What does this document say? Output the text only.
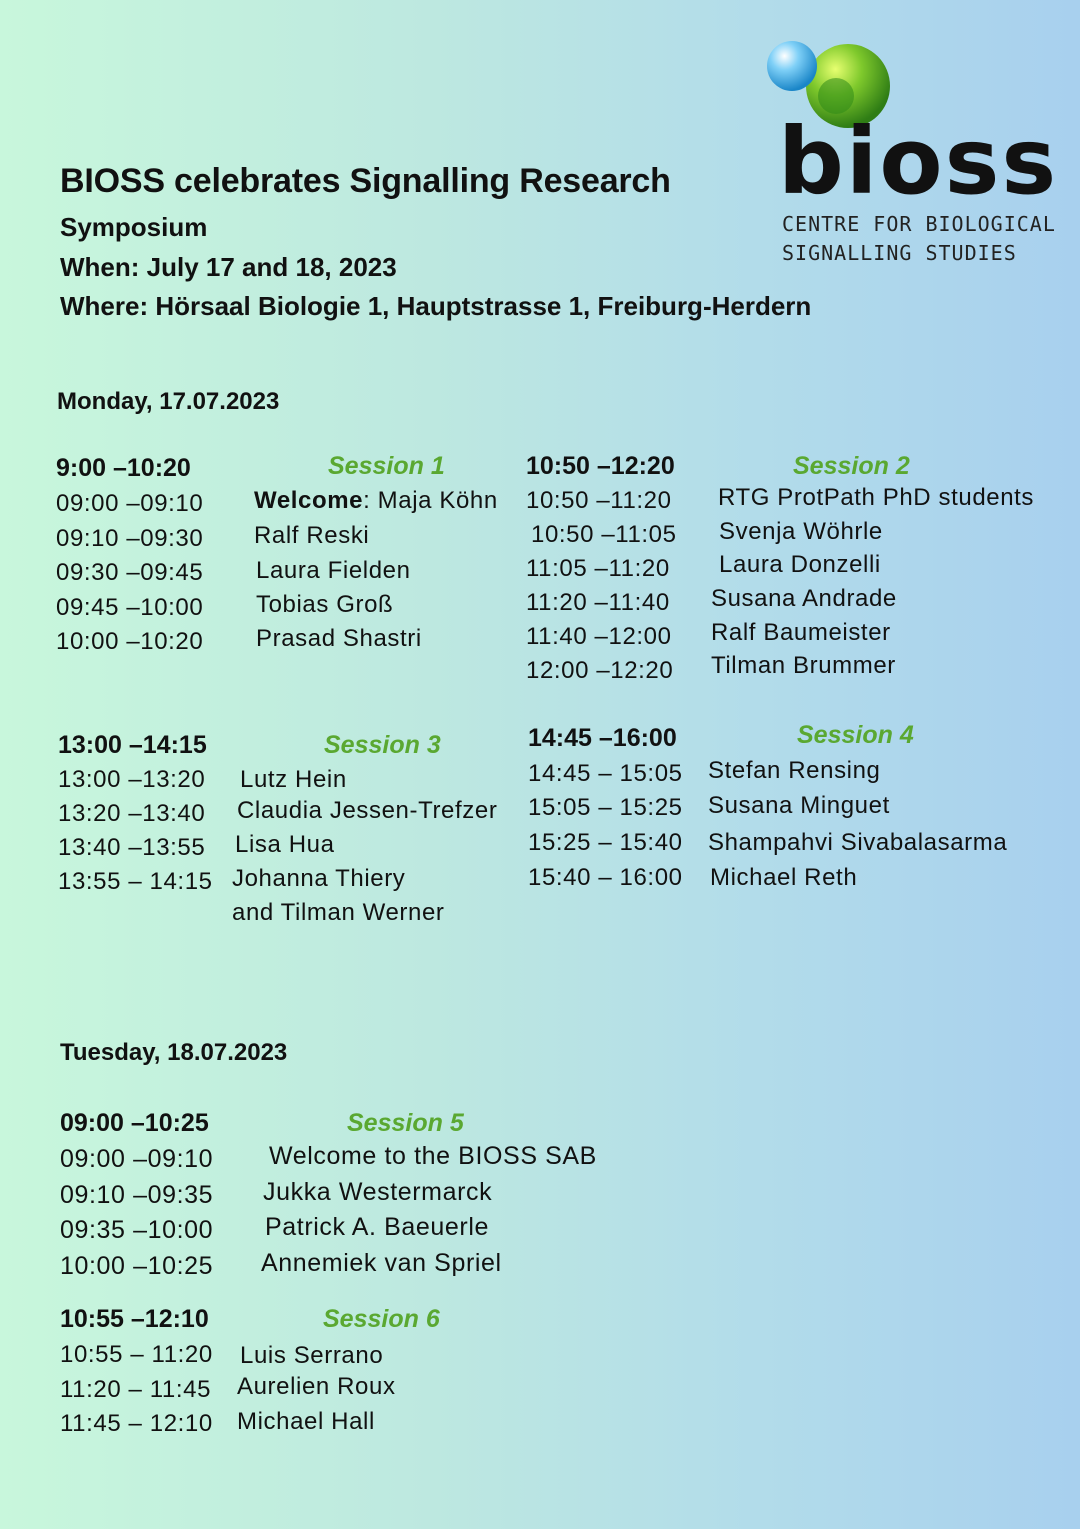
bioss
CENTRE FOR BIOLOGICAL
SIGNALLING STUDIES
BIOSS celebrates Signalling Research
Symposium
When: July 17 and 18, 2023
Where: Hörsaal Biologie 1, Hauptstrasse 1, Freiburg-Herdern
Monday, 17.07.2023
9:00 –10:20	Session 1
09:00 –09:10 Welcome: Maja Köhn
09:10 –09:30 Ralf Reski
09:30 –09:45 Laura Fielden
09:45 –10:00 Tobias Groß
10:00 –10:20 Prasad Shastri
10:50 –12:20	Session 2
10:50 –11:20 RTG ProtPath PhD students
10:50 –11:05 Svenja Wöhrle
11:05 –11:20 Laura Donzelli
11:20 –11:40 Susana Andrade
11:40 –12:00 Ralf Baumeister
12:00 –12:20 Tilman Brummer
13:00 –14:15	Session 3
13:00 –13:20 Lutz Hein
13:20 –13:40 Claudia Jessen-Trefzer
13:40 –13:55 Lisa Hua
13:55 – 14:15 Johanna Thiery
and Tilman Werner
14:45 –16:00	Session 4
14:45 – 15:05 Stefan Rensing
15:05 – 15:25 Susana Minguet
15:25 – 15:40 Shampahvi Sivabalasarma
15:40 – 16:00 Michael Reth
Tuesday, 18.07.2023
09:00 –10:25	Session 5
09:00 –09:10 Welcome to the BIOSS SAB
09:10 –09:35 Jukka Westermarck
09:35 –10:00 Patrick A. Baeuerle
10:00 –10:25 Annemiek van Spriel
10:55 –12:10	Session 6
10:55 – 11:20 Luis Serrano
11:20 – 11:45 Aurelien Roux
11:45 – 12:10 Michael Hall
